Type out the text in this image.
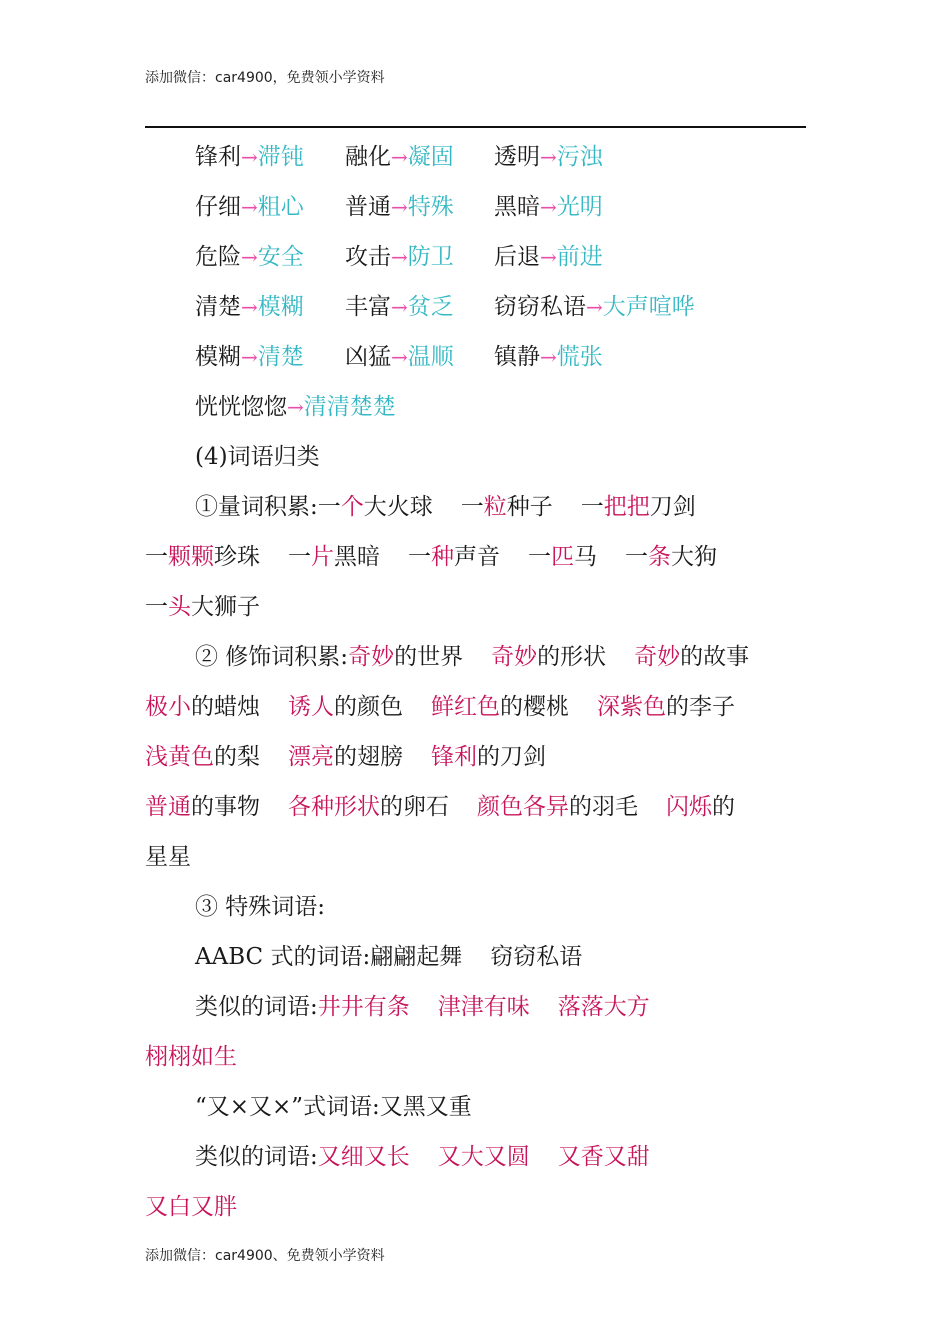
添加微信：car4900，免费领小学资料
锋利→滞钝 融化→凝固 透明→污浊
仔细→粗心 普通→特殊 黑暗→光明
危险→安全 攻击→防卫 后退→前进
清楚→模糊 丰富→贫乏 窃窃私语→大声喧哗
模糊→清楚 凶猛→温顺 镇静→慌张
恍恍惚惚→清清楚楚
(4)词语归类
①量词积累:一个大火球 一粒种子 一把把刀剑
一颗颗珍珠 一片黑暗 一种声音 一匹马 一条大狗
一头大狮子
② 修饰词积累:奇妙的世界 奇妙的形状 奇妙的故事
极小的蜡烛 诱人的颜色 鲜红色的樱桃 深紫色的李子
浅黄色的梨 漂亮的翅膀 锋利的刀剑
普通的事物 各种形状的卵石 颜色各异的羽毛 闪烁的
星星
③ 特殊词语:
AABC 式的词语:翩翩起舞 窃窃私语
类似的词语:井井有条 津津有味 落落大方
栩栩如生
“又×又×”式词语:又黑又重
类似的词语:又细又长 又大又圆 又香又甜
又白又胖
添加微信：car4900、免费领小学资料
